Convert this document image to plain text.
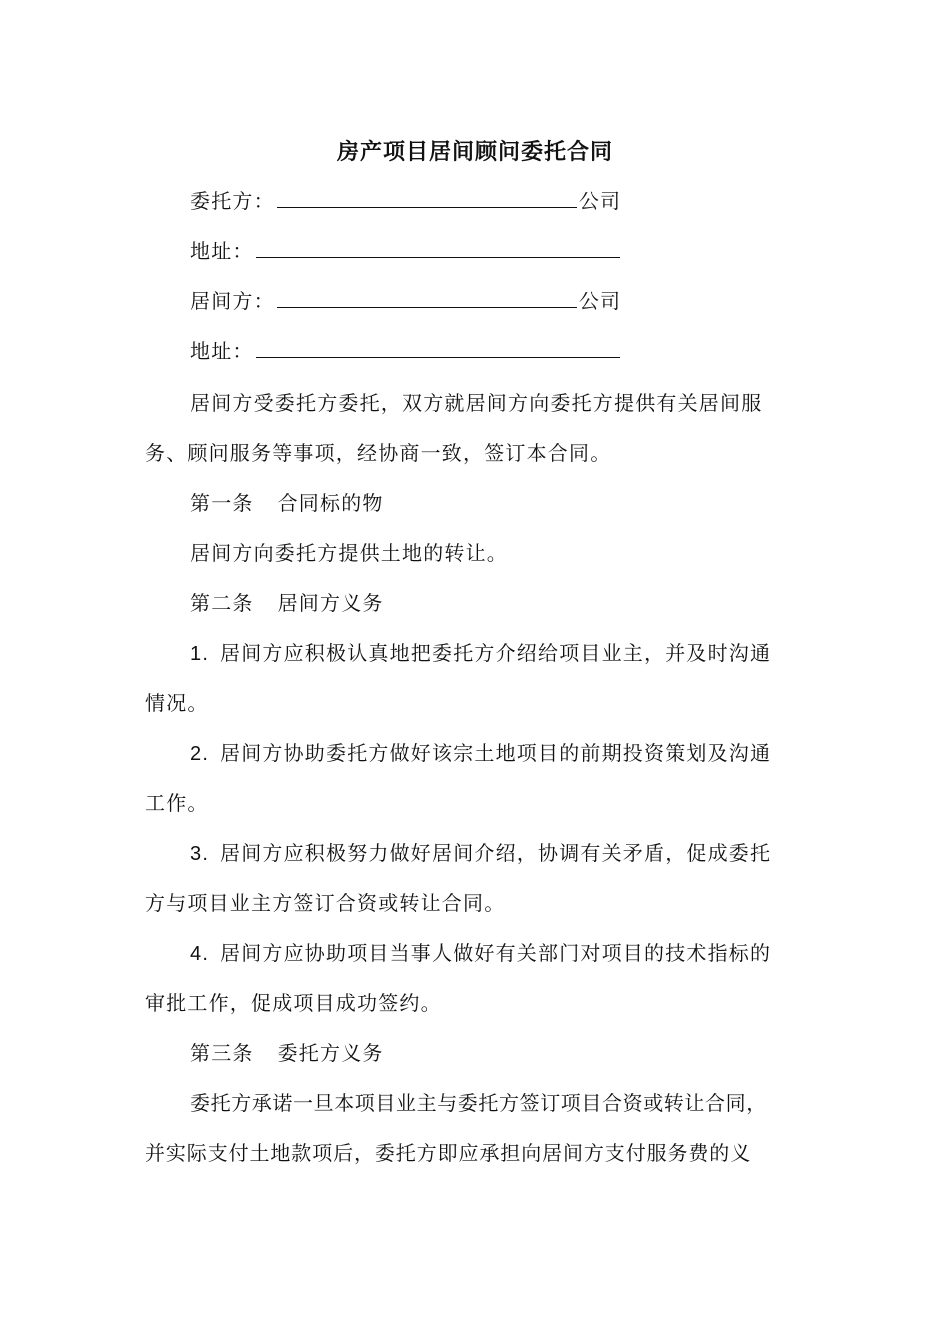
房产项目居间顾问委托合同
委托方：	公司
地址：
居间方：	公司
地址：
居间方受委托方委托，双方就居间方向委托方提供有关居间服
务、顾问服务等事项，经协商一致，签订本合同。
第一条 合同标的物
居间方向委托方提供土地的转让。
第二条 居间方义务
1. 居间方应积极认真地把委托方介绍给项目业主，并及时沟通
情况。
2. 居间方协助委托方做好该宗土地项目的前期投资策划及沟通
工作。
3. 居间方应积极努力做好居间介绍，协调有关矛盾，促成委托
方与项目业主方签订合资或转让合同。
4. 居间方应协助项目当事人做好有关部门对项目的技术指标的
审批工作，促成项目成功签约。
第三条 委托方义务
委托方承诺一旦本项目业主与委托方签订项目合资或转让合同，
并实际支付土地款项后，委托方即应承担向居间方支付服务费的义
